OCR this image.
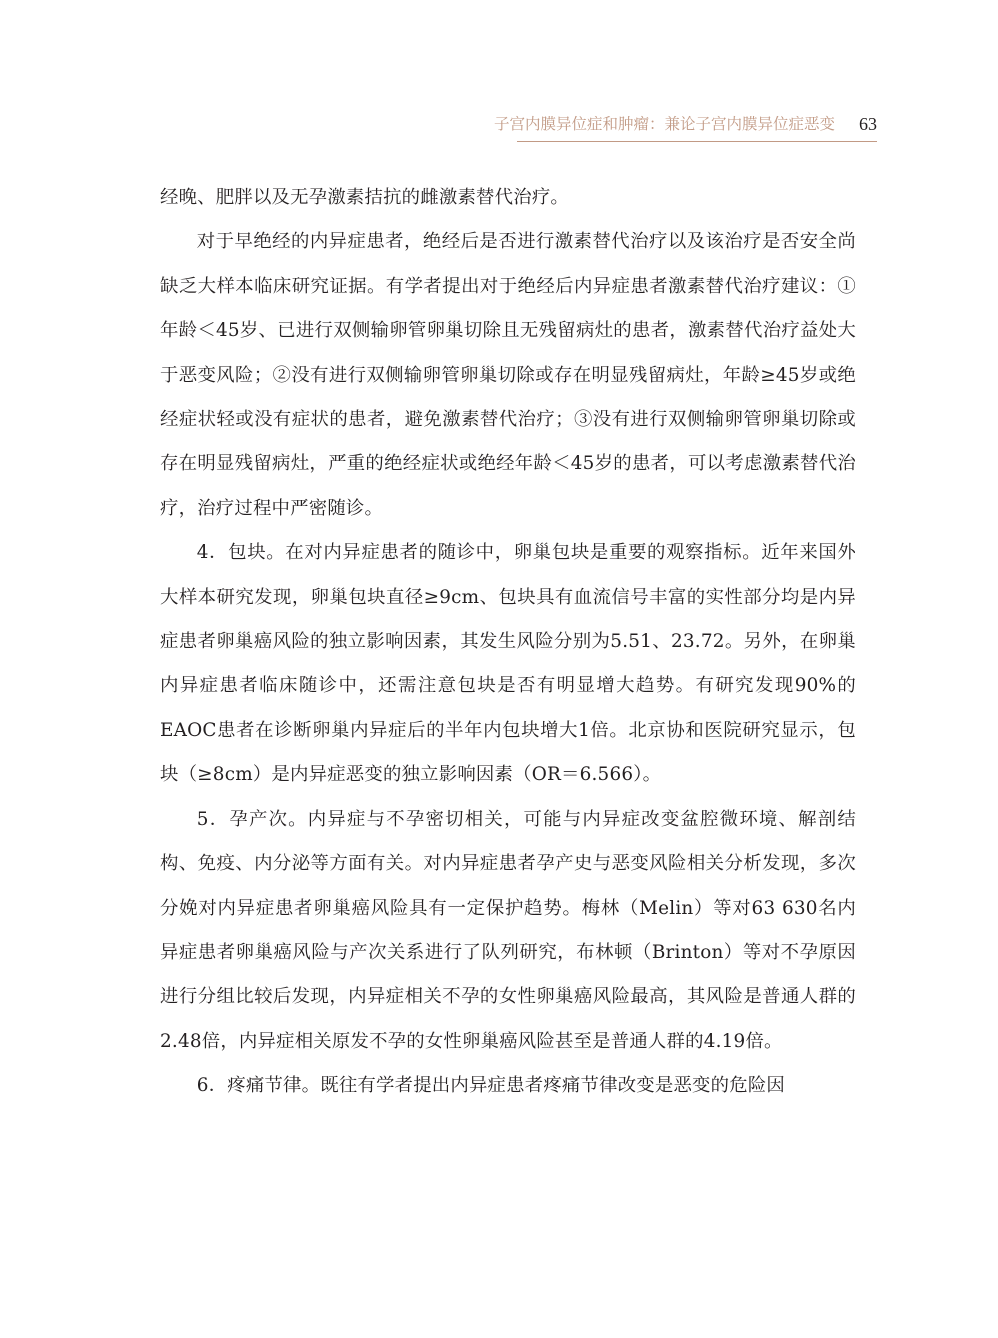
子宫内膜异位症和肿瘤：兼论子宫内膜异位症恶变 63

经晚、肥胖以及无孕激素拮抗的雌激素替代治疗。

对于早绝经的内异症患者，绝经后是否进行激素替代治疗以及该治疗是否安全尚缺乏大样本临床研究证据。有学者提出对于绝经后内异症患者激素替代治疗建议：①年龄＜45岁、已进行双侧输卵管卵巢切除且无残留病灶的患者，激素替代治疗益处大于恶变风险；②没有进行双侧输卵管卵巢切除或存在明显残留病灶，年龄≥45岁或绝经症状轻或没有症状的患者，避免激素替代治疗；③没有进行双侧输卵管卵巢切除或存在明显残留病灶，严重的绝经症状或绝经年龄＜45岁的患者，可以考虑激素替代治疗，治疗过程中严密随诊。

4．包块。在对内异症患者的随诊中，卵巢包块是重要的观察指标。近年来国外大样本研究发现，卵巢包块直径≥9cm、包块具有血流信号丰富的实性部分均是内异症患者卵巢癌风险的独立影响因素，其发生风险分别为5.51、23.72。另外，在卵巢内异症患者临床随诊中，还需注意包块是否有明显增大趋势。有研究发现90%的EAOC患者在诊断卵巢内异症后的半年内包块增大1倍。北京协和医院研究显示，包块（≥8cm）是内异症恶变的独立影响因素（OR＝6.566）。

5．孕产次。内异症与不孕密切相关，可能与内异症改变盆腔微环境、解剖结构、免疫、内分泌等方面有关。对内异症患者孕产史与恶变风险相关分析发现，多次分娩对内异症患者卵巢癌风险具有一定保护趋势。梅林（Melin）等对63 630名内异症患者卵巢癌风险与产次关系进行了队列研究，布林顿（Brinton）等对不孕原因进行分组比较后发现，内异症相关不孕的女性卵巢癌风险最高，其风险是普通人群的2.48倍，内异症相关原发不孕的女性卵巢癌风险甚至是普通人群的4.19倍。

6．疼痛节律。既往有学者提出内异症患者疼痛节律改变是恶变的危险因
